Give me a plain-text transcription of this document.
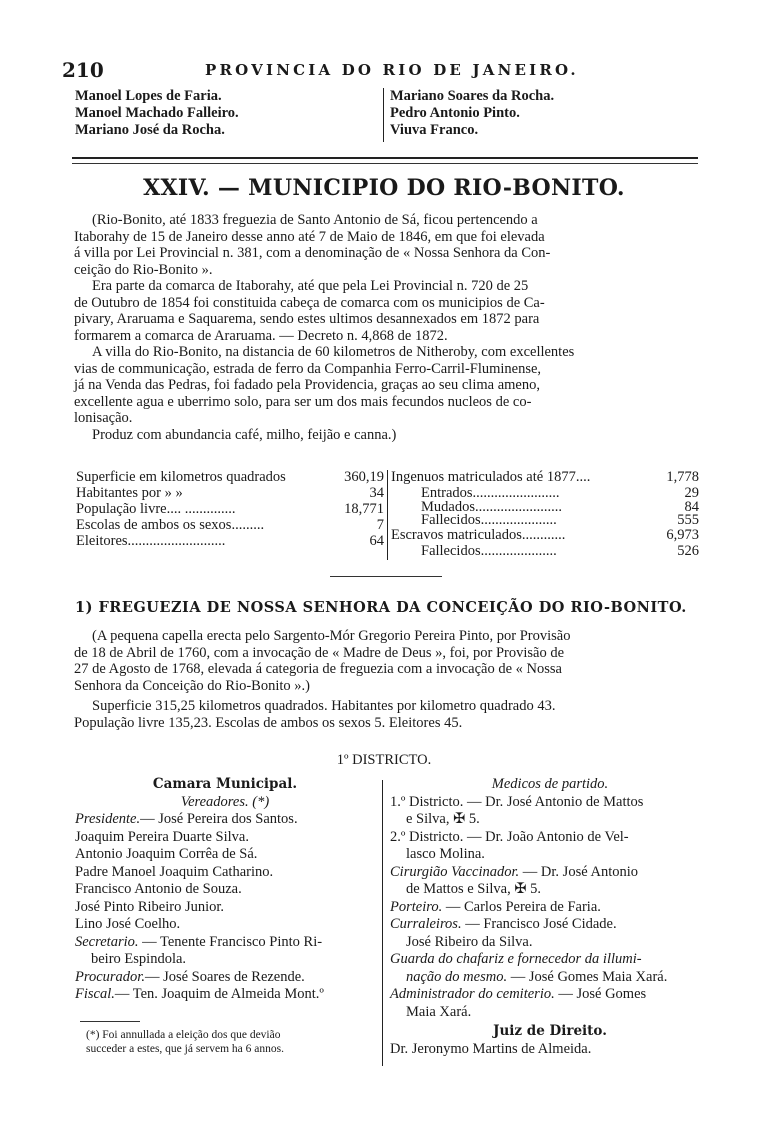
210	PROVINCIA DO RIO DE JANEIRO.
Manoel Lopes de Faria.
Manoel Machado Falleiro.
Mariano José da Rocha.
Mariano Soares da Rocha.
Pedro Antonio Pinto.
Viuva Franco.
XXIV. — MUNICIPIO DO RIO-BONITO.
(Rio-Bonito, até 1833 freguezia de Santo Antonio de Sá, ficou pertencendo a
Itaborahy de 15 de Janeiro desse anno até 7 de Maio de 1846, em que foi elevada
á villa por Lei Provincial n. 381, com a denominação de « Nossa Senhora da Con-
ceição do Rio-Bonito ».
Era parte da comarca de Itaborahy, até que pela Lei Provincial n. 720 de 25
de Outubro de 1854 foi constituida cabeça de comarca com os municipios de Ca-
pivary, Araruama e Saquarema, sendo estes ultimos desannexados em 1872 para
formarem a comarca de Araruama. — Decreto n. 4,868 de 1872.
A villa do Rio-Bonito, na distancia de 60 kilometros de Nitheroby, com excellentes
vias de communicação, estrada de ferro da Companhia Ferro-Carril-Fluminense,
já na Venda das Pedras, foi fadado pela Providencia, graças ao seu clima ameno,
excellente agua e uberrimo solo, para ser um dos mais fecundos nucleos de co-
lonisação.
Produz com abundancia café, milho, feijão e canna.)
Superficie em kilometros quadrados	360,19
Habitantes por » »	34
População livre.... ..............	18,771
Escolas de ambos os sexos.........	7
Eleitores...........................	64
Ingenuos matriculados até 1877....	1,778
Entrados........................	29
Mudados........................	84
Fallecidos.....................	555
Escravos matriculados............	6,973
Fallecidos.....................	526
1) FREGUEZIA DE NOSSA SENHORA DA CONCEIÇÃO DO RIO-BONITO.
(A pequena capella erecta pelo Sargento-Mór Gregorio Pereira Pinto, por Provisão
de 18 de Abril de 1760, com a invocação de « Madre de Deus », foi, por Provisão de
27 de Agosto de 1768, elevada á categoria de freguezia com a invocação de « Nossa
Senhora da Conceição do Rio-Bonito ».)
Superficie 315,25 kilometros quadrados. Habitantes por kilometro quadrado 43.
População livre 135,23. Escolas de ambos os sexos 5. Eleitores 45.
1º DISTRICTO.
Camara Municipal.
Vereadores. (*)
Presidente.— José Pereira dos Santos.
Joaquim Pereira Duarte Silva.
Antonio Joaquim Corrêa de Sá.
Padre Manoel Joaquim Catharino.
Francisco Antonio de Souza.
José Pinto Ribeiro Junior.
Lino José Coelho.
Secretario. — Tenente Francisco Pinto Ri-
beiro Espindola.
Procurador.— José Soares de Rezende.
Fiscal.— Ten. Joaquim de Almeida Mont.º
(*) Foi annullada a eleição dos que devião
succeder a estes, que já servem ha 6 annos.
Medicos de partido.
1.º Districto. — Dr. José Antonio de Mattos
e Silva, ✠ 5.
2.º Districto. — Dr. João Antonio de Vel-
lasco Molina.
Cirurgião Vaccinador. — Dr. José Antonio
de Mattos e Silva, ✠ 5.
Porteiro. — Carlos Pereira de Faria.
Curraleiros. — Francisco José Cidade.
José Ribeiro da Silva.
Guarda do chafariz e fornecedor da illumi-
nação do mesmo. — José Gomes Maia Xará.
Administrador do cemiterio. — José Gomes
Maia Xará.
Juiz de Direito.
Dr. Jeronymo Martins de Almeida.
